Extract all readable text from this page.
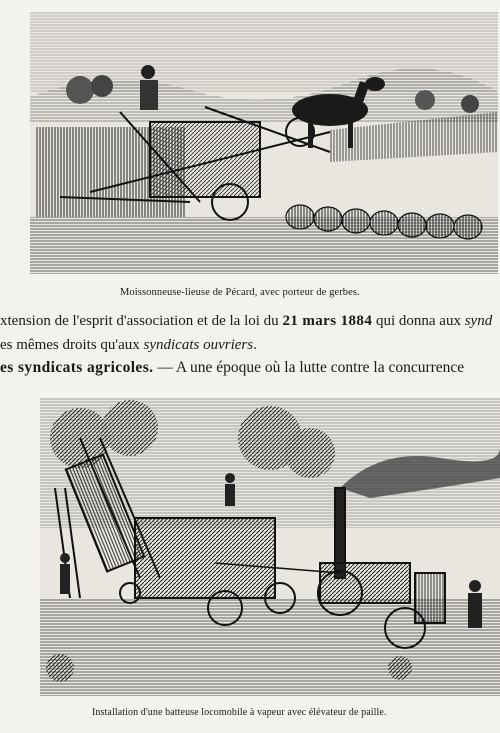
Moissonneuse-lieuse de Pécard, avec porteur de gerbes.
xtension de l'esprit d'association et de la loi du 21 mars 1884 qui donna aux synd
es mêmes droits qu'aux syndicats ouvriers.
es syndicats agricoles. — A une époque où la lutte contre la concurrence
Installation d'une batteuse locomobile à vapeur avec élévateur de paille.
